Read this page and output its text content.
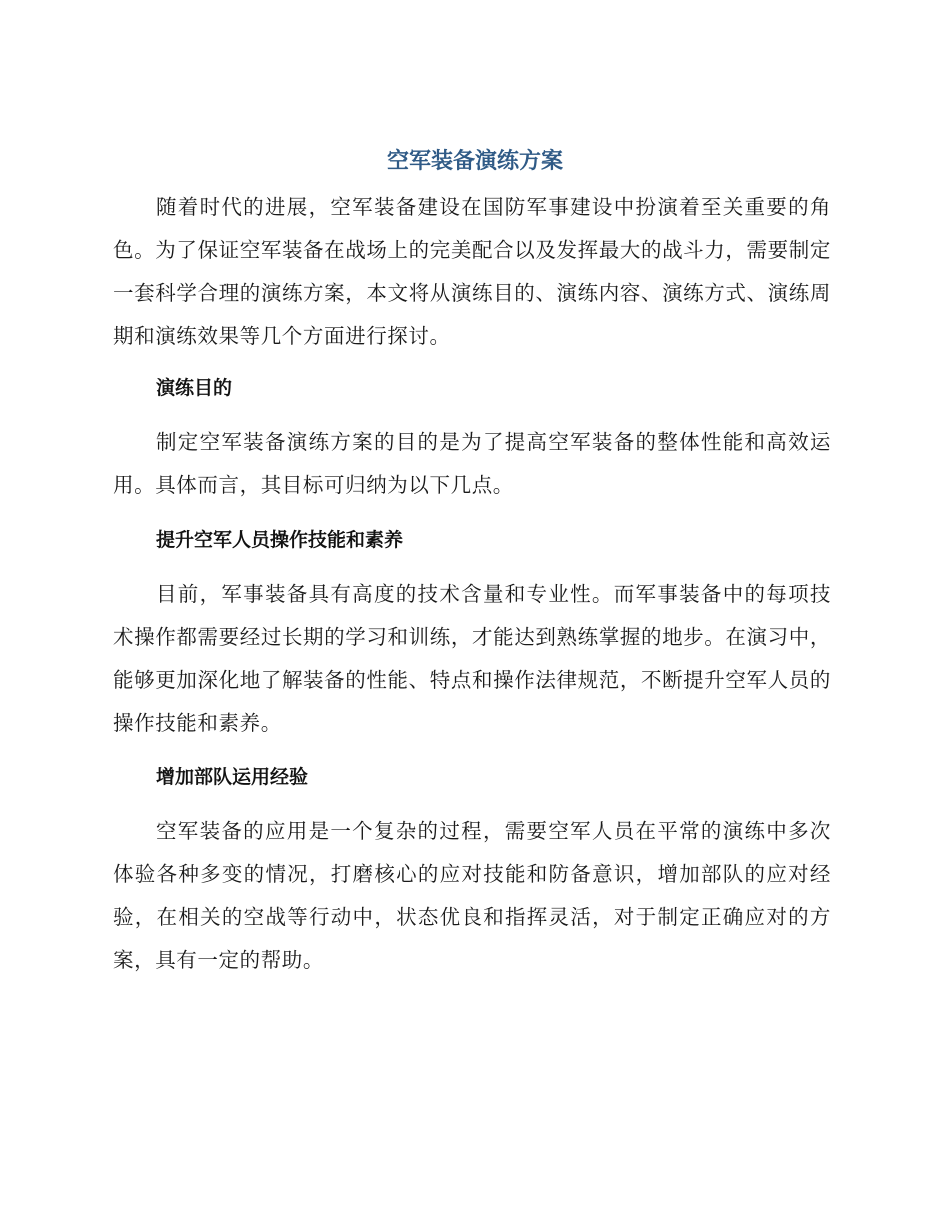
空军装备演练方案

随着时代的进展，空军装备建设在国防军事建设中扮演着至关重要的角色。为了保证空军装备在战场上的完美配合以及发挥最大的战斗力，需要制定一套科学合理的演练方案，本文将从演练目的、演练内容、演练方式、演练周期和演练效果等几个方面进行探讨。

演练目的

制定空军装备演练方案的目的是为了提高空军装备的整体性能和高效运用。具体而言，其目标可归纳为以下几点。

提升空军人员操作技能和素养

目前，军事装备具有高度的技术含量和专业性。而军事装备中的每项技术操作都需要经过长期的学习和训练，才能达到熟练掌握的地步。在演习中，能够更加深化地了解装备的性能、特点和操作法律规范，不断提升空军人员的操作技能和素养。

增加部队运用经验

空军装备的应用是一个复杂的过程，需要空军人员在平常的演练中多次体验各种多变的情况，打磨核心的应对技能和防备意识，增加部队的应对经验，在相关的空战等行动中，状态优良和指挥灵活，对于制定正确应对的方案，具有一定的帮助。
